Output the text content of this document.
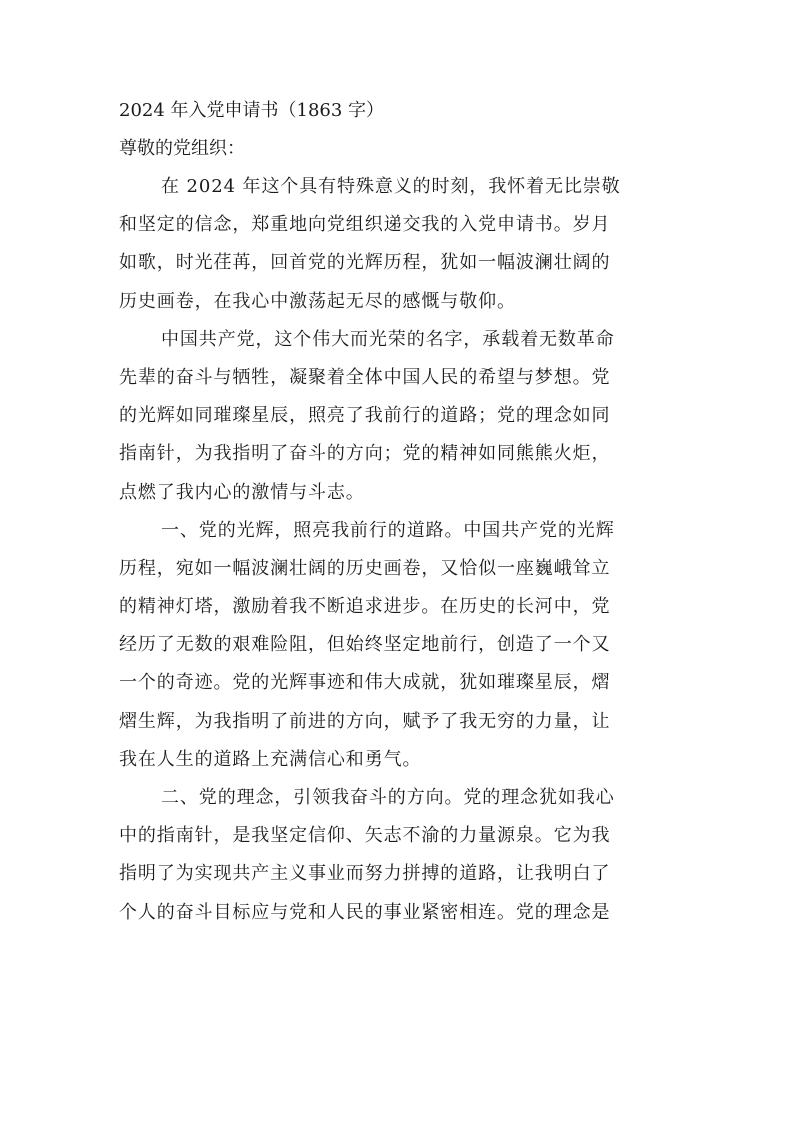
2024 年入党申请书（1863 字）
尊敬的党组织：
在 2024 年这个具有特殊意义的时刻，我怀着无比崇敬
和坚定的信念，郑重地向党组织递交我的入党申请书。岁月
如歌，时光荏苒，回首党的光辉历程，犹如一幅波澜壮阔的
历史画卷，在我心中激荡起无尽的感慨与敬仰。
中国共产党，这个伟大而光荣的名字，承载着无数革命
先辈的奋斗与牺牲，凝聚着全体中国人民的希望与梦想。党
的光辉如同璀璨星辰，照亮了我前行的道路；党的理念如同
指南针，为我指明了奋斗的方向；党的精神如同熊熊火炬，
点燃了我内心的激情与斗志。
一、党的光辉，照亮我前行的道路。中国共产党的光辉
历程，宛如一幅波澜壮阔的历史画卷，又恰似一座巍峨耸立
的精神灯塔，激励着我不断追求进步。在历史的长河中，党
经历了无数的艰难险阻，但始终坚定地前行，创造了一个又
一个的奇迹。党的光辉事迹和伟大成就，犹如璀璨星辰，熠
熠生辉，为我指明了前进的方向，赋予了我无穷的力量，让
我在人生的道路上充满信心和勇气。
二、党的理念，引领我奋斗的方向。党的理念犹如我心
中的指南针，是我坚定信仰、矢志不渝的力量源泉。它为我
指明了为实现共产主义事业而努力拼搏的道路，让我明白了
个人的奋斗目标应与党和人民的事业紧密相连。党的理念是
